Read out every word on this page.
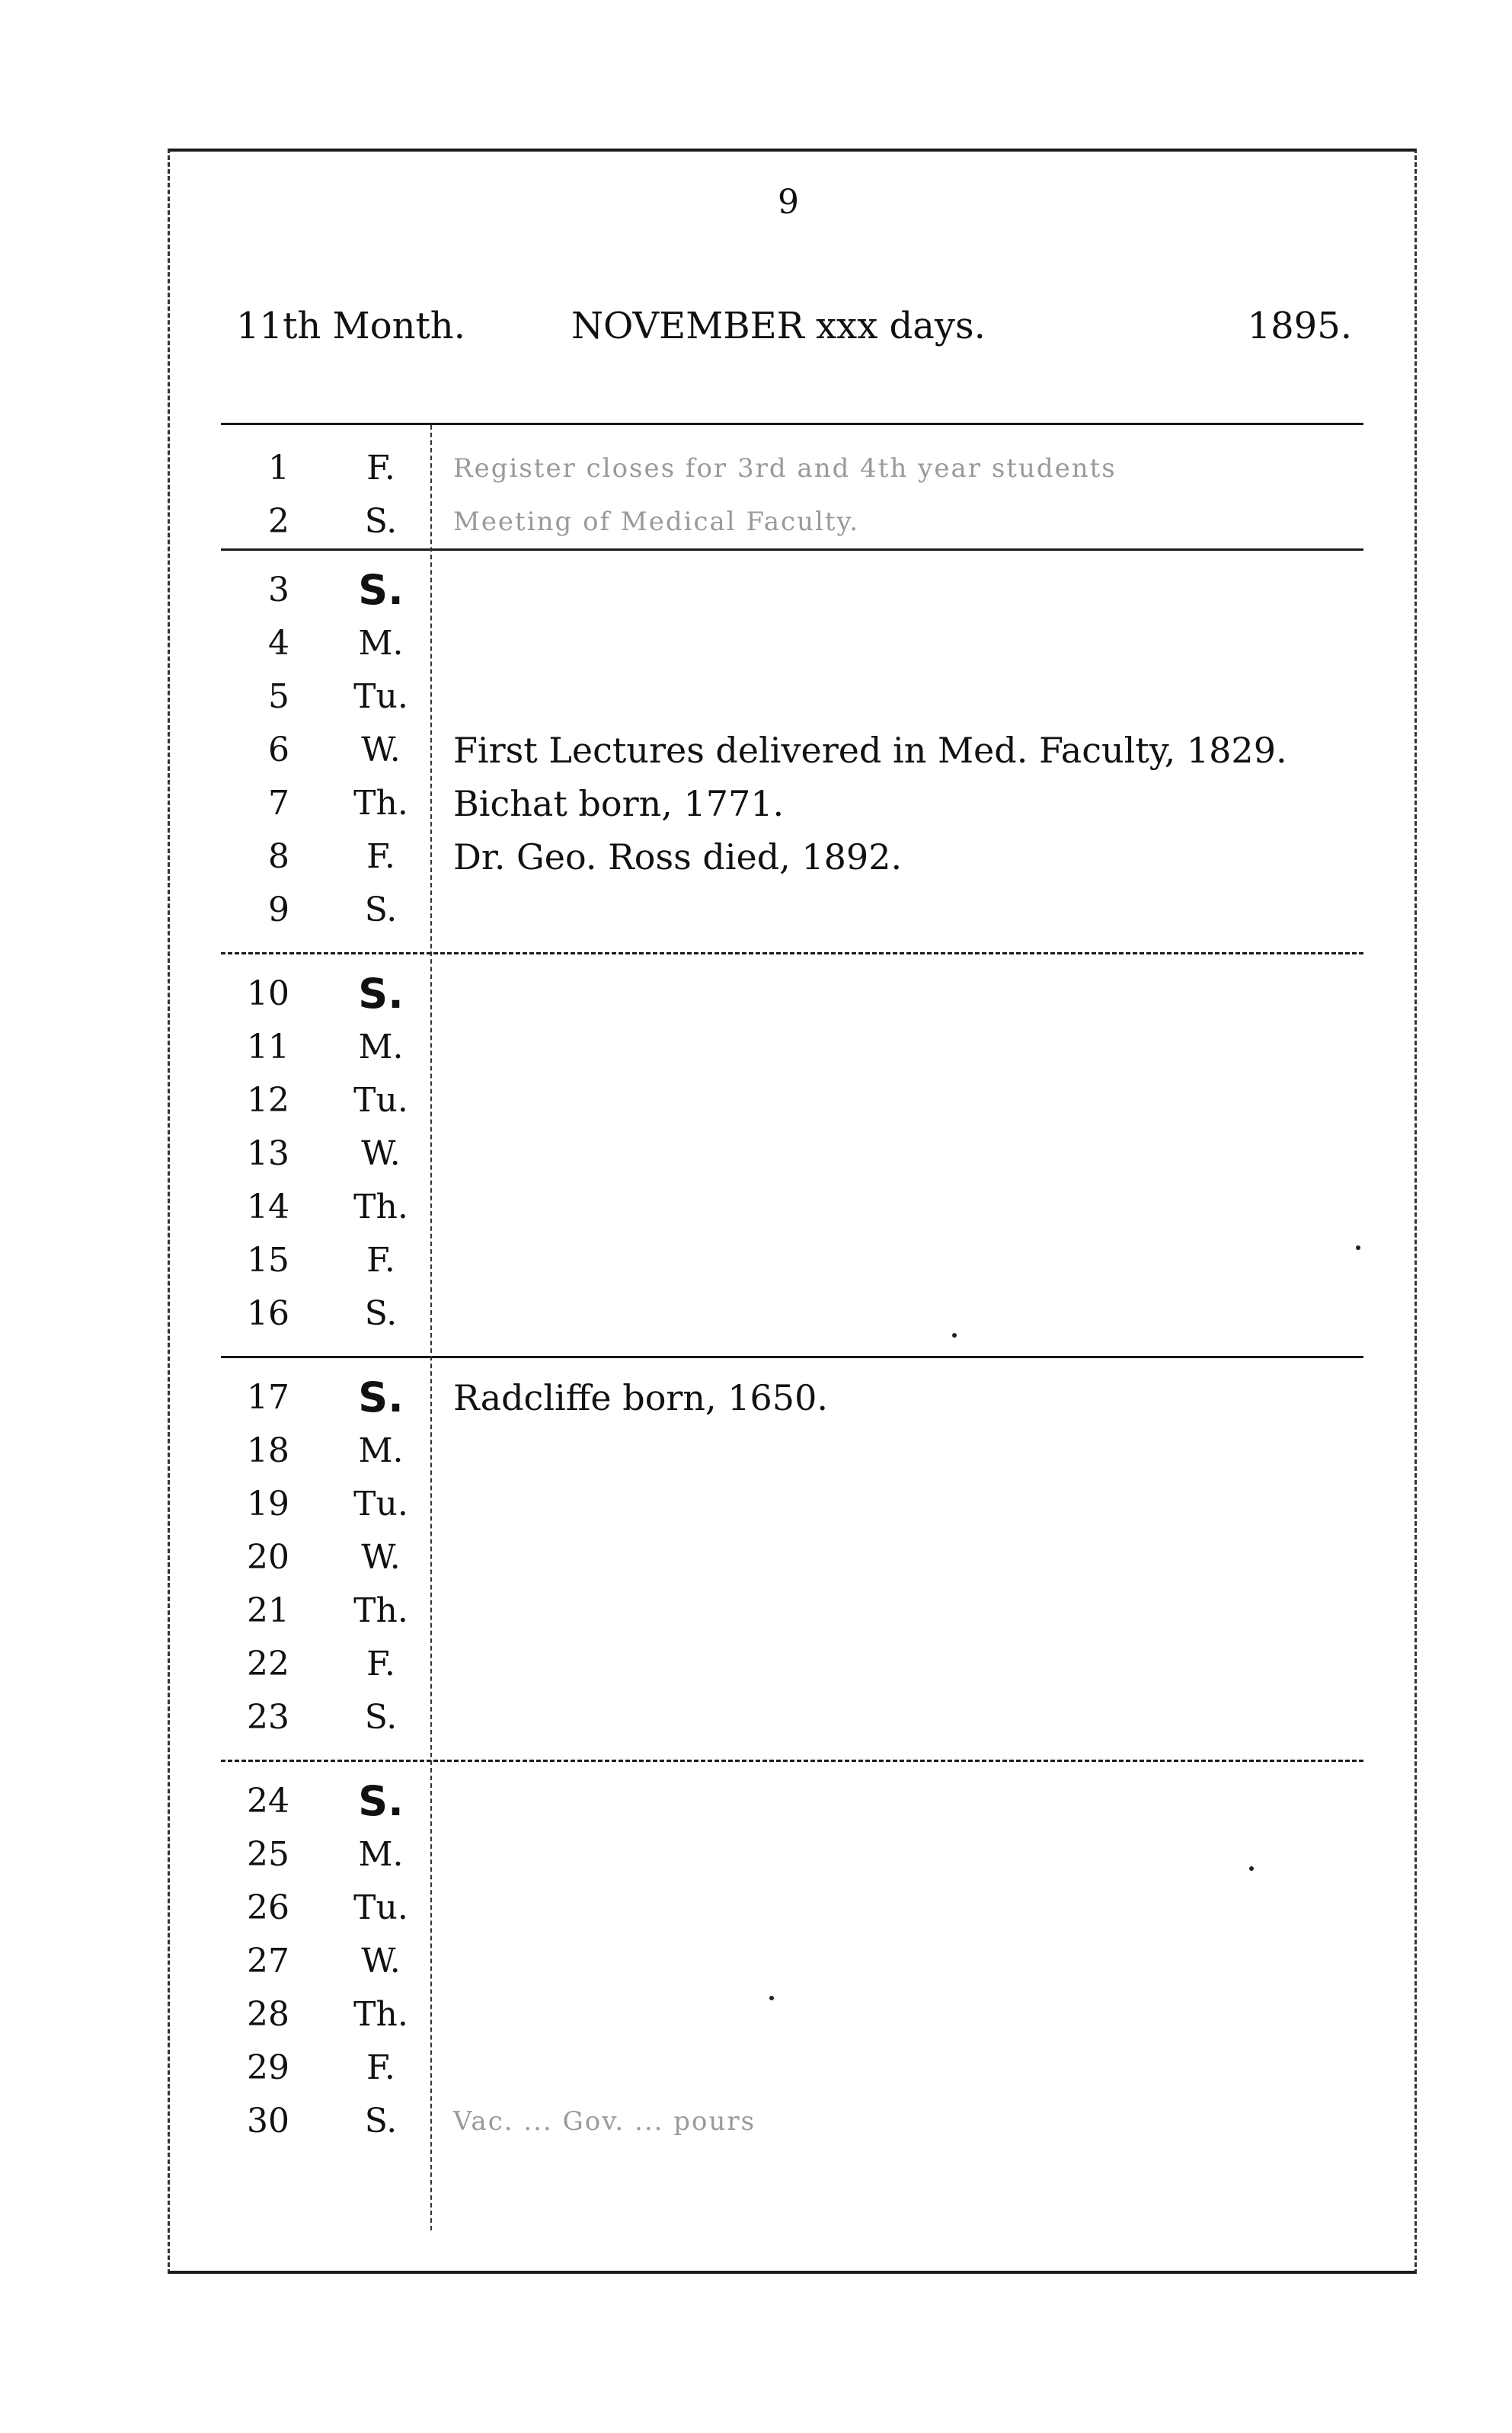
9
11th Month.	NOVEMBER xxx days.	1895.
1	F.	Register closes for 3rd and 4th year students
2	S.	Meeting of Medical Faculty.
3	S.
4	M.
5	Tu.
6	W.	First Lectures delivered in Med. Faculty, 1829.
7	Th.	Bichat born, 1771.
8	F.	Dr. Geo. Ross died, 1892.
9	S.
10	S.
11	M.
12	Tu.
13	W.
14	Th.
15	F.
16	S.
17	S.	Radcliffe born, 1650.
18	M.
19	Tu.
20	W.
21	Th.
22	F.
23	S.
24	S.
25	M.
26	Tu.
27	W.
28	Th.
29	F.
30	S.	Vac. ... Gov. ... pours
